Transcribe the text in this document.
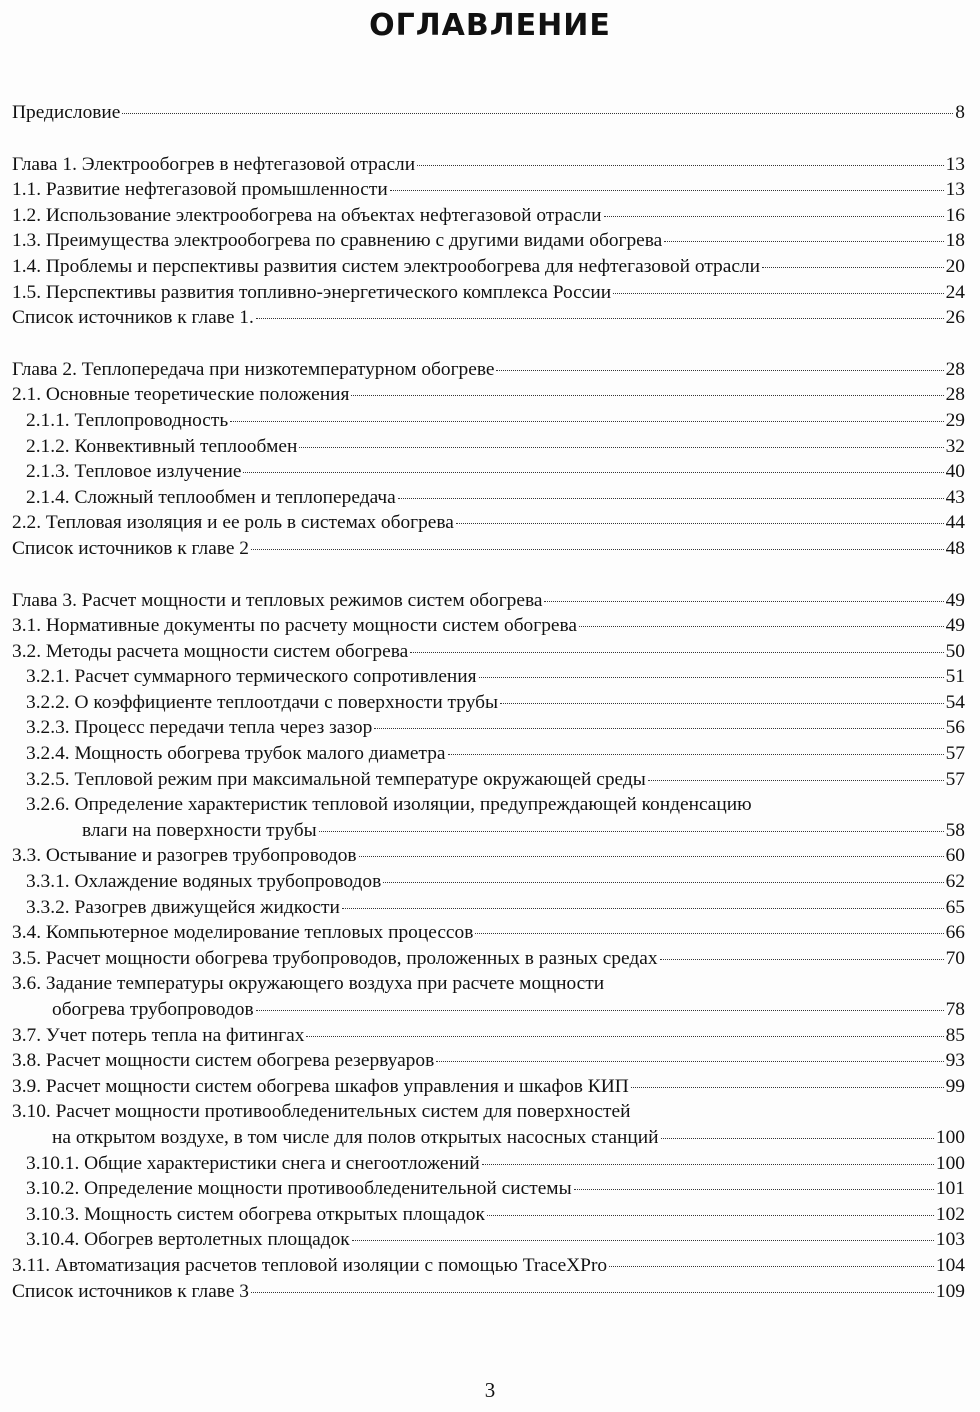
ОГЛАВЛЕНИЕ
Предисловие	8
Глава 1. Электрообогрев в нефтегазовой отрасли	13
1.1. Развитие нефтегазовой промышленности	13
1.2. Использование электрообогрева на объектах нефтегазовой отрасли	16
1.3. Преимущества электрообогрева по сравнению с другими видами обогрева	18
1.4. Проблемы и перспективы развития систем электрообогрева для нефтегазовой отрасли	20
1.5. Перспективы развития топливно-энергетического комплекса России	24
Список источников к главе 1.	26
Глава 2. Теплопередача при низкотемпературном обогреве	28
2.1. Основные теоретические положения	28
2.1.1. Теплопроводность	29
2.1.2. Конвективный теплообмен	32
2.1.3. Тепловое излучение	40
2.1.4. Сложный теплообмен и теплопередача	43
2.2. Тепловая изоляция и ее роль в системах обогрева	44
Список источников к главе 2	48
Глава 3. Расчет мощности и тепловых режимов систем обогрева	49
3.1. Нормативные документы по расчету мощности систем обогрева	49
3.2. Методы расчета мощности систем обогрева	50
3.2.1. Расчет суммарного термического сопротивления	51
3.2.2. О коэффициенте теплоотдачи с поверхности трубы	54
3.2.3. Процесс передачи тепла через зазор	56
3.2.4. Мощность обогрева трубок малого диаметра	57
3.2.5. Тепловой режим при максимальной температуре окружающей среды	57
3.2.6. Определение характеристик тепловой изоляции, предупреждающей конденсацию
влаги на поверхности трубы	58
3.3. Остывание и разогрев трубопроводов	60
3.3.1. Охлаждение водяных трубопроводов	62
3.3.2. Разогрев движущейся жидкости	65
3.4. Компьютерное моделирование тепловых процессов	66
3.5. Расчет мощности обогрева трубопроводов, проложенных в разных средах	70
3.6. Задание температуры окружающего воздуха при расчете мощности
обогрева трубопроводов	78
3.7. Учет потерь тепла на фитингах	85
3.8. Расчет мощности систем обогрева резервуаров	93
3.9. Расчет мощности систем обогрева шкафов управления и шкафов КИП	99
3.10. Расчет мощности противообледенительных систем для поверхностей
на открытом воздухе, в том числе для полов открытых насосных станций	100
3.10.1. Общие характеристики снега и снегоотложений	100
3.10.2. Определение мощности противообледенительной системы	101
3.10.3. Мощность систем обогрева открытых площадок	102
3.10.4. Обогрев вертолетных площадок	103
3.11. Автоматизация расчетов тепловой изоляции с помощью TraceXPro	104
Список источников к главе 3	109
3
